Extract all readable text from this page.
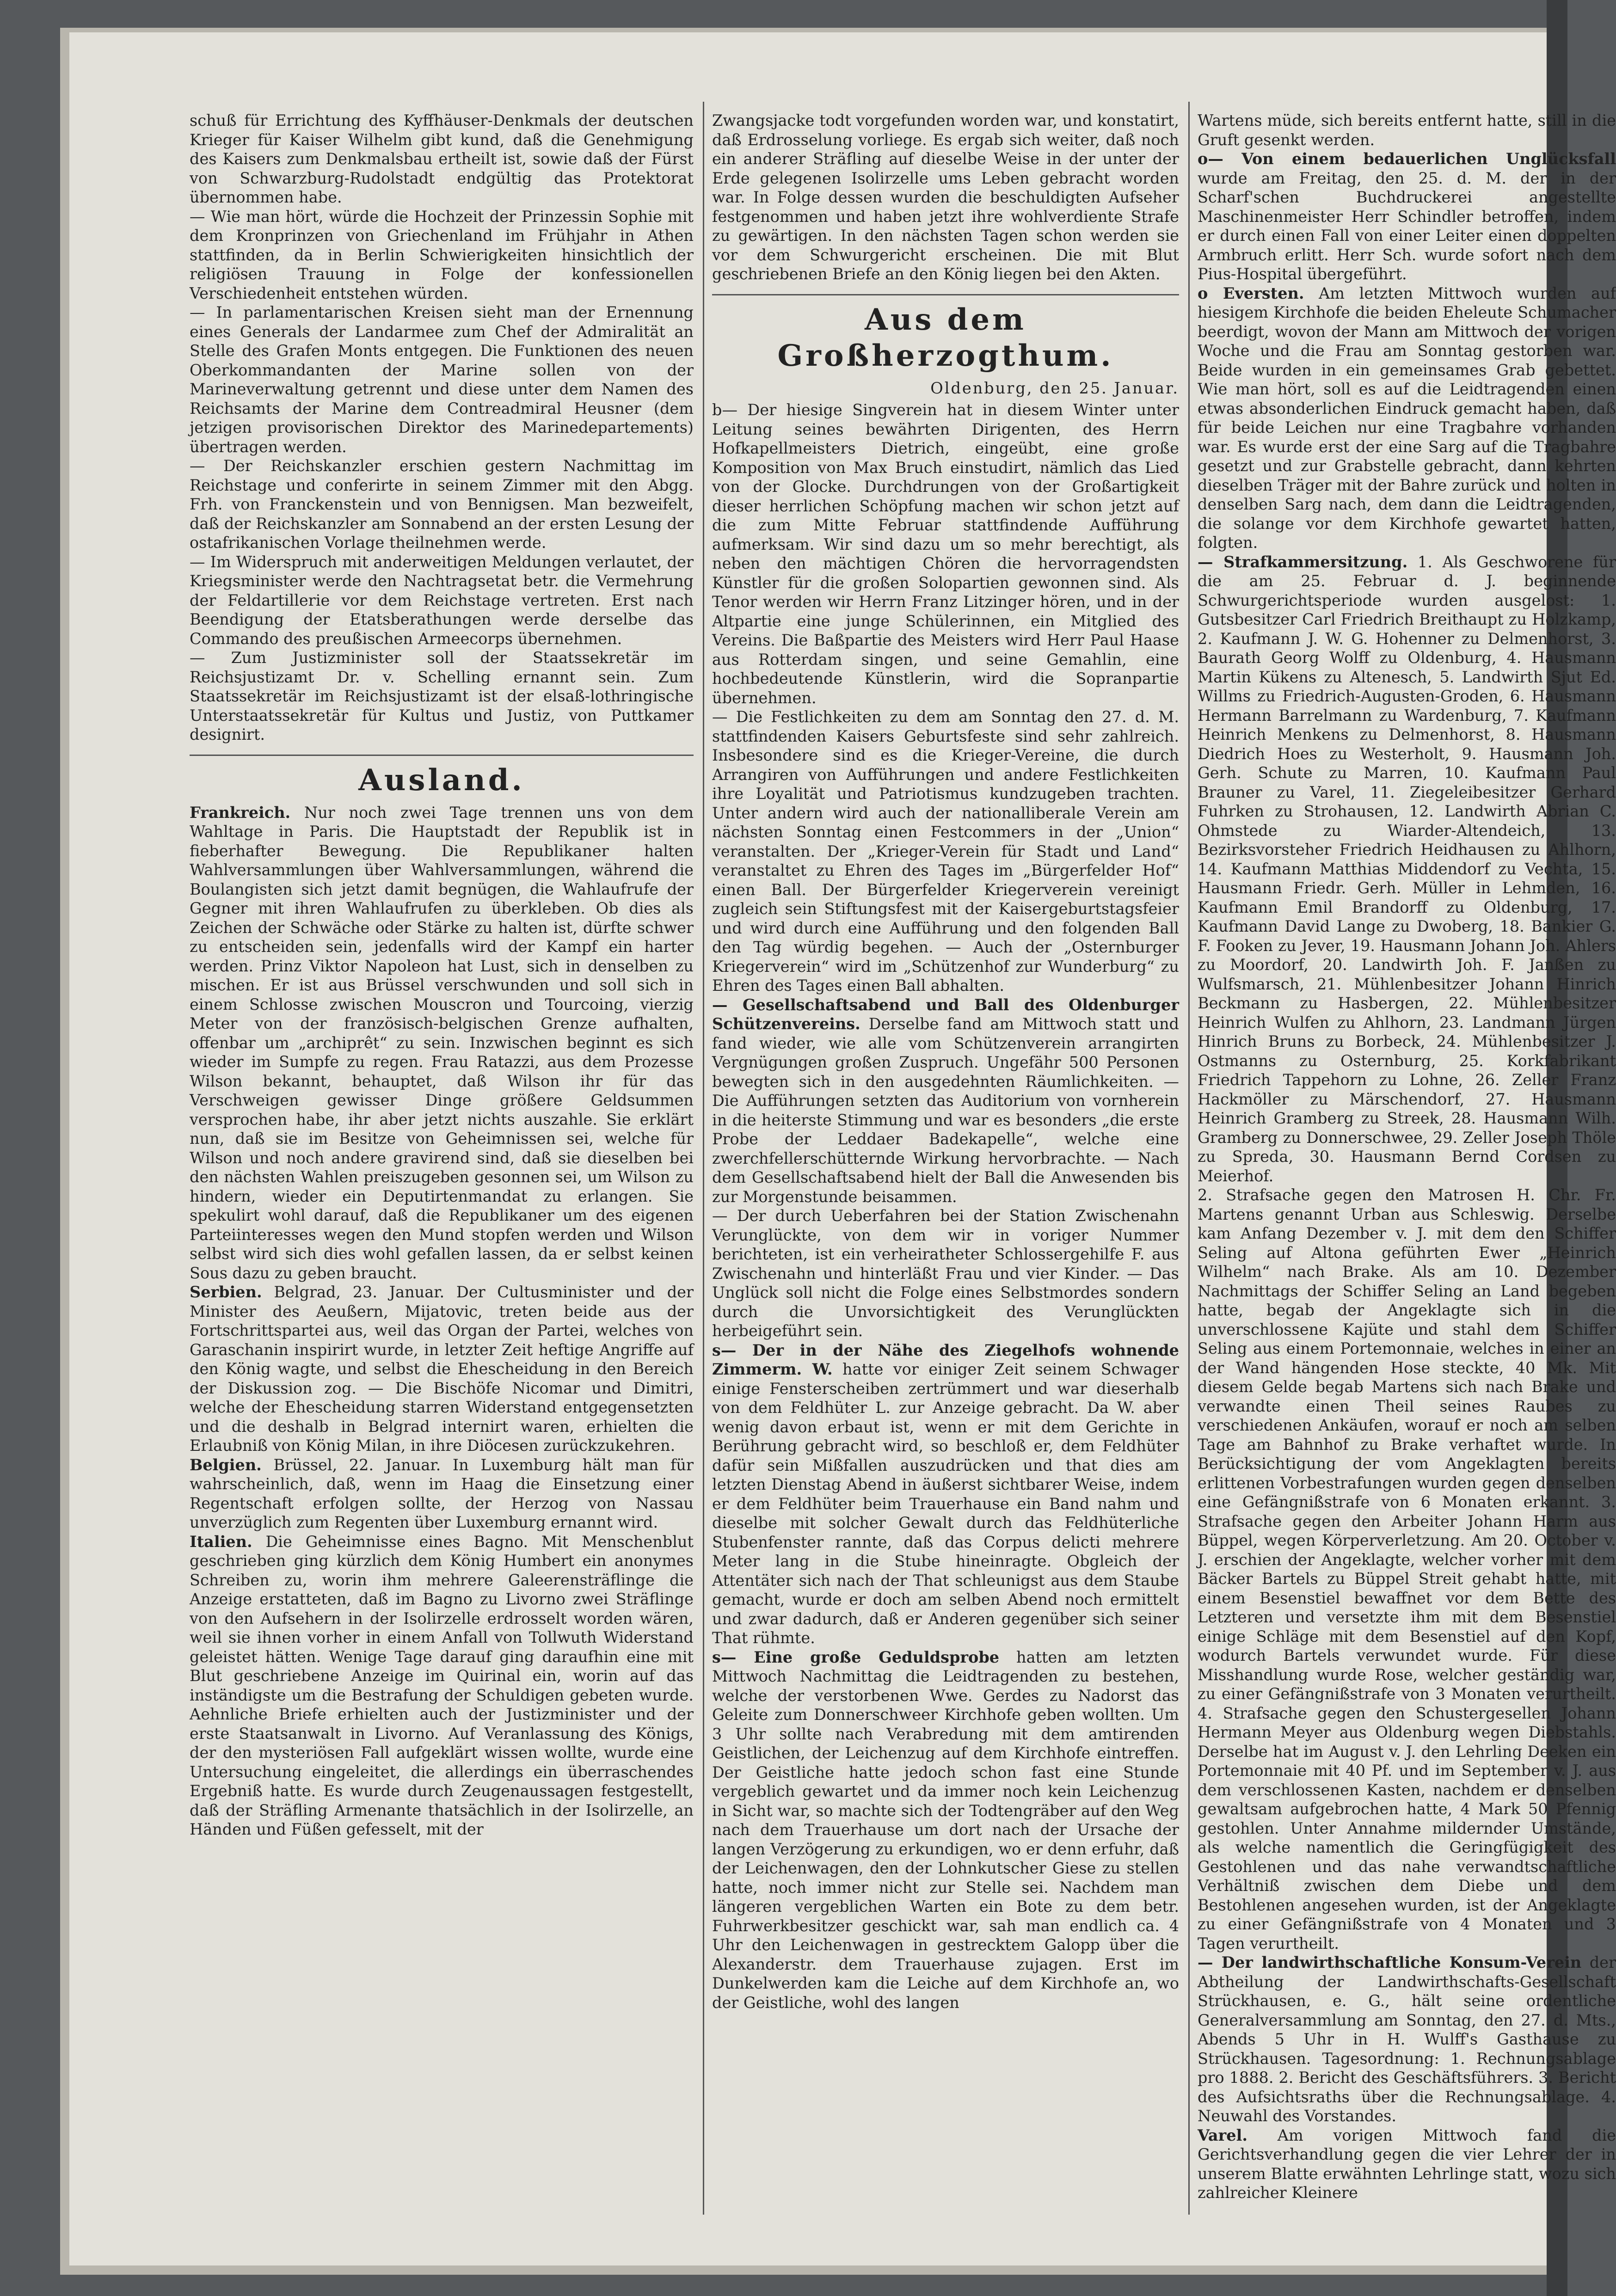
schuß für Errichtung des Kyffhäuser-Denkmals der deutschen Krieger für Kaiser Wilhelm gibt kund, daß die Genehmigung des Kaisers zum Denkmalsbau ertheilt ist, sowie daß der Fürst von Schwarzburg-Rudolstadt endgültig das Protektorat übernommen habe.

— Wie man hört, würde die Hochzeit der Prinzessin Sophie mit dem Kronprinzen von Griechenland im Frühjahr in Athen stattfinden, da in Berlin Schwierigkeiten hinsichtlich der religiösen Trauung in Folge der konfessionellen Verschiedenheit entstehen würden.

— In parlamentarischen Kreisen sieht man der Ernennung eines Generals der Landarmee zum Chef der Admiralität an Stelle des Grafen Monts entgegen. Die Funktionen des neuen Oberkommandanten der Marine sollen von der Marineverwaltung getrennt und diese unter dem Namen des Reichsamts der Marine dem Contreadmiral Heusner (dem jetzigen provisorischen Direktor des Marinedepartements) übertragen werden.

— Der Reichskanzler erschien gestern Nachmittag im Reichstage und conferirte in seinem Zimmer mit den Abgg. Frh. von Franckenstein und von Bennigsen. Man bezweifelt, daß der Reichskanzler am Sonnabend an der ersten Lesung der ostafrikanischen Vorlage theilnehmen werde.

— Im Widerspruch mit anderweitigen Meldungen verlautet, der Kriegsminister werde den Nachtragsetat betr. die Vermehrung der Feldartillerie vor dem Reichstage vertreten. Erst nach Beendigung der Etatsberathungen werde derselbe das Commando des preußischen Armeecorps übernehmen.

— Zum Justizminister soll der Staatssekretär im Reichsjustizamt Dr. v. Schelling ernannt sein. Zum Staatssekretär im Reichsjustizamt ist der elsaß-lothringische Unterstaatssekretär für Kultus und Justiz, von Puttkamer designirt.

Ausland.

Frankreich. Nur noch zwei Tage trennen uns von dem Wahltage in Paris. Die Hauptstadt der Republik ist in fieberhafter Bewegung. Die Republikaner halten Wahlversammlungen über Wahlversammlungen, während die Boulangisten sich jetzt damit begnügen, die Wahlaufrufe der Gegner mit ihren Wahlaufrufen zu überkleben. Ob dies als Zeichen der Schwäche oder Stärke zu halten ist, dürfte schwer zu entscheiden sein, jedenfalls wird der Kampf ein harter werden. Prinz Viktor Napoleon hat Lust, sich in denselben zu mischen. Er ist aus Brüssel verschwunden und soll sich in einem Schlosse zwischen Mouscron und Tourcoing, vierzig Meter von der französisch-belgischen Grenze aufhalten, offenbar um „archiprêt“ zu sein. Inzwischen beginnt es sich wieder im Sumpfe zu regen. Frau Ratazzi, aus dem Prozesse Wilson bekannt, behauptet, daß Wilson ihr für das Verschweigen gewisser Dinge größere Geldsummen versprochen habe, ihr aber jetzt nichts auszahle. Sie erklärt nun, daß sie im Besitze von Geheimnissen sei, welche für Wilson und noch andere gravirend sind, daß sie dieselben bei den nächsten Wahlen preiszugeben gesonnen sei, um Wilson zu hindern, wieder ein Deputirtenmandat zu erlangen. Sie spekulirt wohl darauf, daß die Republikaner um des eigenen Parteiinteresses wegen den Mund stopfen werden und Wilson selbst wird sich dies wohl gefallen lassen, da er selbst keinen Sous dazu zu geben braucht.

Serbien. Belgrad, 23. Januar. Der Cultusminister und der Minister des Aeußern, Mijatovic, treten beide aus der Fortschrittspartei aus, weil das Organ der Partei, welches von Garaschanin inspirirt wurde, in letzter Zeit heftige Angriffe auf den König wagte, und selbst die Ehescheidung in den Bereich der Diskussion zog. — Die Bischöfe Nicomar und Dimitri, welche der Ehescheidung starren Widerstand entgegensetzten und die deshalb in Belgrad internirt waren, erhielten die Erlaubniß von König Milan, in ihre Diöcesen zurückzukehren.

Belgien. Brüssel, 22. Januar. In Luxemburg hält man für wahrscheinlich, daß, wenn im Haag die Einsetzung einer Regentschaft erfolgen sollte, der Herzog von Nassau unverzüglich zum Regenten über Luxemburg ernannt wird.

Italien. Die Geheimnisse eines Bagno. Mit Menschenblut geschrieben ging kürzlich dem König Humbert ein anonymes Schreiben zu, worin ihm mehrere Galeerensträflinge die Anzeige erstatteten, daß im Bagno zu Livorno zwei Sträflinge von den Aufsehern in der Isolirzelle erdrosselt worden wären, weil sie ihnen vorher in einem Anfall von Tollwuth Widerstand geleistet hätten. Wenige Tage darauf ging daraufhin eine mit Blut geschriebene Anzeige im Quirinal ein, worin auf das inständigste um die Bestrafung der Schuldigen gebeten wurde. Aehnliche Briefe erhielten auch der Justizminister und der erste Staatsanwalt in Livorno. Auf Veranlassung des Königs, der den mysteriösen Fall aufgeklärt wissen wollte, wurde eine Untersuchung eingeleitet, die allerdings ein überraschendes Ergebniß hatte. Es wurde durch Zeugenaussagen festgestellt, daß der Sträfling Armenante thatsächlich in der Isolirzelle, an Händen und Füßen gefesselt, mit der

Zwangsjacke todt vorgefunden worden war, und konstatirt, daß Erdrosselung vorliege. Es ergab sich weiter, daß noch ein anderer Sträfling auf dieselbe Weise in der unter der Erde gelegenen Isolirzelle ums Leben gebracht worden war. In Folge dessen wurden die beschuldigten Aufseher festgenommen und haben jetzt ihre wohlverdiente Strafe zu gewärtigen. In den nächsten Tagen schon werden sie vor dem Schwurgericht erscheinen. Die mit Blut geschriebenen Briefe an den König liegen bei den Akten.

Aus dem Großherzogthum.
Oldenburg, den 25. Januar.

b— Der hiesige Singverein hat in diesem Winter unter Leitung seines bewährten Dirigenten, des Herrn Hofkapellmeisters Dietrich, eingeübt, eine große Komposition von Max Bruch einstudirt, nämlich das Lied von der Glocke. Durchdrungen von der Großartigkeit dieser herrlichen Schöpfung machen wir schon jetzt auf die zum Mitte Februar stattfindende Aufführung aufmerksam. Wir sind dazu um so mehr berechtigt, als neben den mächtigen Chören die hervorragendsten Künstler für die großen Solopartien gewonnen sind. Als Tenor werden wir Herrn Franz Litzinger hören, und in der Altpartie eine junge Schülerinnen, ein Mitglied des Vereins. Die Baßpartie des Meisters wird Herr Paul Haase aus Rotterdam singen, und seine Gemahlin, eine hochbedeutende Künstlerin, wird die Sopranpartie übernehmen.

— Die Festlichkeiten zu dem am Sonntag den 27. d. M. stattfindenden Kaisers Geburtsfeste sind sehr zahlreich. Insbesondere sind es die Krieger-Vereine, die durch Arrangiren von Aufführungen und andere Festlichkeiten ihre Loyalität und Patriotismus kundzugeben trachten. Unter andern wird auch der nationalliberale Verein am nächsten Sonntag einen Festcommers in der „Union“ veranstalten. Der „Krieger-Verein für Stadt und Land“ veranstaltet zu Ehren des Tages im „Bürgerfelder Hof“ einen Ball. Der Bürgerfelder Kriegerverein vereinigt zugleich sein Stiftungsfest mit der Kaisergeburtstagsfeier und wird durch eine Aufführung und den folgenden Ball den Tag würdig begehen. — Auch der „Osternburger Kriegerverein“ wird im „Schützenhof zur Wunderburg“ zu Ehren des Tages einen Ball abhalten.

— Gesellschaftsabend und Ball des Oldenburger Schützenvereins. Derselbe fand am Mittwoch statt und fand wieder, wie alle vom Schützenverein arrangirten Vergnügungen großen Zuspruch. Ungefähr 500 Personen bewegten sich in den ausgedehnten Räumlichkeiten. — Die Aufführungen setzten das Auditorium von vornherein in die heiterste Stimmung und war es besonders „die erste Probe der Leddaer Badekapelle“, welche eine zwerchfellerschütternde Wirkung hervorbrachte. — Nach dem Gesellschaftsabend hielt der Ball die Anwesenden bis zur Morgenstunde beisammen.

— Der durch Ueberfahren bei der Station Zwischenahn Verunglückte, von dem wir in voriger Nummer berichteten, ist ein verheiratheter Schlossergehilfe F. aus Zwischenahn und hinterläßt Frau und vier Kinder. — Das Unglück soll nicht die Folge eines Selbstmordes sondern durch die Unvorsichtigkeit des Verunglückten herbeigeführt sein.

s— Der in der Nähe des Ziegelhofs wohnende Zimmerm. W. hatte vor einiger Zeit seinem Schwager einige Fensterscheiben zertrümmert und war dieserhalb von dem Feldhüter L. zur Anzeige gebracht. Da W. aber wenig davon erbaut ist, wenn er mit dem Gerichte in Berührung gebracht wird, so beschloß er, dem Feldhüter dafür sein Mißfallen auszudrücken und that dies am letzten Dienstag Abend in äußerst sichtbarer Weise, indem er dem Feldhüter beim Trauerhause ein Band nahm und dieselbe mit solcher Gewalt durch das Feldhüterliche Stubenfenster rannte, daß das Corpus delicti mehrere Meter lang in die Stube hineinragte. Obgleich der Attentäter sich nach der That schleunigst aus dem Staube gemacht, wurde er doch am selben Abend noch ermittelt und zwar dadurch, daß er Anderen gegenüber sich seiner That rühmte.

s— Eine große Geduldsprobe hatten am letzten Mittwoch Nachmittag die Leidtragenden zu bestehen, welche der verstorbenen Wwe. Gerdes zu Nadorst das Geleite zum Donnerschweer Kirchhofe geben wollten. Um 3 Uhr sollte nach Verabredung mit dem amtirenden Geistlichen, der Leichenzug auf dem Kirchhofe eintreffen. Der Geistliche hatte jedoch schon fast eine Stunde vergeblich gewartet und da immer noch kein Leichenzug in Sicht war, so machte sich der Todtengräber auf den Weg nach dem Trauerhause um dort nach der Ursache der langen Verzögerung zu erkundigen, wo er denn erfuhr, daß der Leichenwagen, den der Lohnkutscher Giese zu stellen hatte, noch immer nicht zur Stelle sei. Nachdem man längeren vergeblichen Warten ein Bote zu dem betr. Fuhrwerkbesitzer geschickt war, sah man endlich ca. 4 Uhr den Leichenwagen in gestrecktem Galopp über die Alexanderstr. dem Trauerhause zujagen. Erst im Dunkelwerden kam die Leiche auf dem Kirchhofe an, wo der Geistliche, wohl des langen

Wartens müde, sich bereits entfernt hatte, still in die Gruft gesenkt werden.

o— Von einem bedauerlichen Unglücksfall wurde am Freitag, den 25. d. M. der in der Scharf'schen Buchdruckerei angestellte Maschinenmeister Herr Schindler betroffen, indem er durch einen Fall von einer Leiter einen doppelten Armbruch erlitt. Herr Sch. wurde sofort nach dem Pius-Hospital übergeführt.

o Eversten. Am letzten Mittwoch wurden auf hiesigem Kirchhofe die beiden Eheleute Schumacher beerdigt, wovon der Mann am Mittwoch der vorigen Woche und die Frau am Sonntag gestorben war. Beide wurden in ein gemeinsames Grab gebettet. Wie man hört, soll es auf die Leidtragenden einen etwas absonderlichen Eindruck gemacht haben, daß für beide Leichen nur eine Tragbahre vorhanden war. Es wurde erst der eine Sarg auf die Tragbahre gesetzt und zur Grabstelle gebracht, dann kehrten dieselben Träger mit der Bahre zurück und holten in denselben Sarg nach, dem dann die Leidtragenden, die solange vor dem Kirchhofe gewartet hatten, folgten.

— Strafkammersitzung. 1. Als Geschworene für die am 25. Februar d. J. beginnende Schwurgerichtsperiode wurden ausgelost: 1. Gutsbesitzer Carl Friedrich Breithaupt zu Holzkamp, 2. Kaufmann J. W. G. Hohenner zu Delmenhorst, 3. Baurath Georg Wolff zu Oldenburg, 4. Hausmann Martin Kükens zu Altenesch, 5. Landwirth Sjut Ed. Willms zu Friedrich-Augusten-Groden, 6. Hausmann Hermann Barrelmann zu Wardenburg, 7. Kaufmann Heinrich Menkens zu Delmenhorst, 8. Hausmann Diedrich Hoes zu Westerholt, 9. Hausmann Joh. Gerh. Schute zu Marren, 10. Kaufmann Paul Brauner zu Varel, 11. Ziegeleibesitzer Gerhard Fuhrken zu Strohausen, 12. Landwirth Abrian C. Ohmstede zu Wiarder-Altendeich, 13. Bezirksvorsteher Friedrich Heidhausen zu Ahlhorn, 14. Kaufmann Matthias Middendorf zu Vechta, 15. Hausmann Friedr. Gerh. Müller in Lehmden, 16. Kaufmann Emil Brandorff zu Oldenburg, 17. Kaufmann David Lange zu Dwoberg, 18. Bankier G. F. Fooken zu Jever, 19. Hausmann Johann Joh. Ahlers zu Moordorf, 20. Landwirth Joh. F. Janßen zu Wulfsmarsch, 21. Mühlenbesitzer Johann Hinrich Beckmann zu Hasbergen, 22. Mühlenbesitzer Heinrich Wulfen zu Ahlhorn, 23. Landmann Jürgen Hinrich Bruns zu Borbeck, 24. Mühlenbesitzer J. Ostmanns zu Osternburg, 25. Korkfabrikant Friedrich Tappehorn zu Lohne, 26. Zeller Franz Hackmöller zu Märschendorf, 27. Hausmann Heinrich Gramberg zu Streek, 28. Hausmann Wilh. Gramberg zu Donnerschwee, 29. Zeller Joseph Thöle zu Spreda, 30. Hausmann Bernd Cordsen zu Meierhof.

2. Strafsache gegen den Matrosen H. Chr. Fr. Martens genannt Urban aus Schleswig. Derselbe kam Anfang Dezember v. J. mit dem den Schiffer Seling auf Altona geführten Ewer „Heinrich Wilhelm“ nach Brake. Als am 10. Dezember Nachmittags der Schiffer Seling an Land begeben hatte, begab der Angeklagte sich in die unverschlossene Kajüte und stahl dem Schiffer Seling aus einem Portemonnaie, welches in einer an der Wand hängenden Hose steckte, 40 Mk. Mit diesem Gelde begab Martens sich nach Brake und verwandte einen Theil seines Raubes zu verschiedenen Ankäufen, worauf er noch am selben Tage am Bahnhof zu Brake verhaftet wurde. In Berücksichtigung der vom Angeklagten bereits erlittenen Vorbestrafungen wurden gegen denselben eine Gefängnißstrafe von 6 Monaten erkannt. 3. Strafsache gegen den Arbeiter Johann Harm aus Büppel, wegen Körperverletzung. Am 20. October v. J. erschien der Angeklagte, welcher vorher mit dem Bäcker Bartels zu Büppel Streit gehabt hatte, mit einem Besenstiel bewaffnet vor dem Bette des Letzteren und versetzte ihm mit dem Besenstiel einige Schläge mit dem Besenstiel auf den Kopf, wodurch Bartels verwundet wurde. Für diese Misshandlung wurde Rose, welcher geständig war, zu einer Gefängnißstrafe von 3 Monaten verurtheilt. 4. Strafsache gegen den Schustergesellen Johann Hermann Meyer aus Oldenburg wegen Diebstahls. Derselbe hat im August v. J. den Lehrling Deeken ein Portemonnaie mit 40 Pf. und im September v. J. aus dem verschlossenen Kasten, nachdem er denselben gewaltsam aufgebrochen hatte, 4 Mark 50 Pfennig gestohlen. Unter Annahme mildernder Umstände, als welche namentlich die Geringfügigkeit des Gestohlenen und das nahe verwandtschaftliche Verhältniß zwischen dem Diebe und dem Bestohlenen angesehen wurden, ist der Angeklagte zu einer Gefängnißstrafe von 4 Monaten und 3 Tagen verurtheilt.

— Der landwirthschaftliche Konsum-Verein der Abtheilung der Landwirthschafts-Gesellschaft Strückhausen, e. G., hält seine ordentliche Generalversammlung am Sonntag, den 27. d. Mts., Abends 5 Uhr in H. Wulff's Gasthause zu Strückhausen. Tagesordnung: 1. Rechnungsablage pro 1888. 2. Bericht des Geschäftsführers. 3. Bericht des Aufsichtsraths über die Rechnungsablage. 4. Neuwahl des Vorstandes.

Varel. Am vorigen Mittwoch fand die Gerichtsverhandlung gegen die vier Lehrer der in unserem Blatte erwähnten Lehrlinge statt, wozu sich zahlreicher Kleinere
